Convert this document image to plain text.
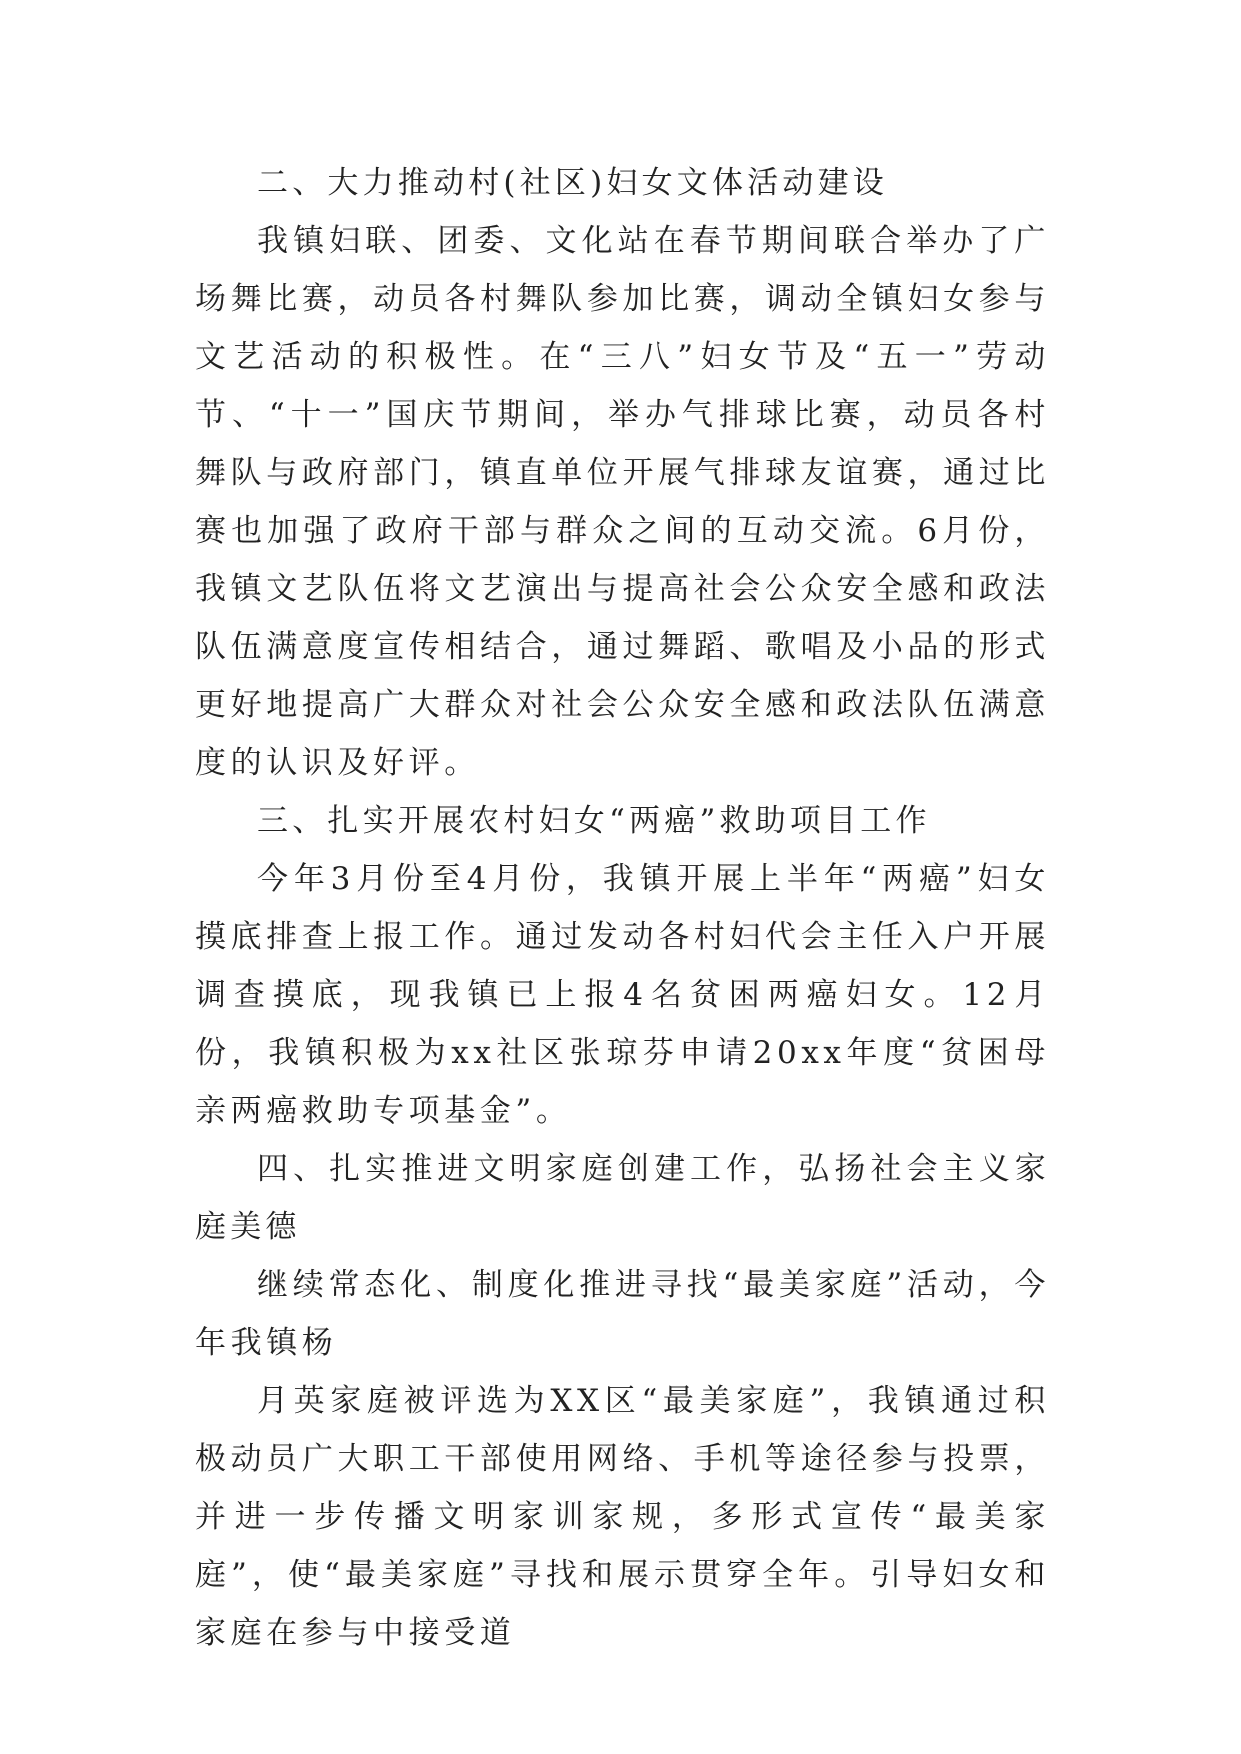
二、大力推动村(社区)妇女文体活动建设

我镇妇联、团委、文化站在春节期间联合举办了广场舞比赛，动员各村舞队参加比赛，调动全镇妇女参与文艺活动的积极性。在“三八”妇女节及“五一”劳动节、“十一”国庆节期间，举办气排球比赛，动员各村舞队与政府部门，镇直单位开展气排球友谊赛，通过比赛也加强了政府干部与群众之间的互动交流。6月份，我镇文艺队伍将文艺演出与提高社会公众安全感和政法队伍满意度宣传相结合，通过舞蹈、歌唱及小品的形式更好地提高广大群众对社会公众安全感和政法队伍满意度的认识及好评。

三、扎实开展农村妇女“两癌”救助项目工作

今年3月份至4月份，我镇开展上半年“两癌”妇女摸底排查上报工作。通过发动各村妇代会主任入户开展调查摸底，现我镇已上报4名贫困两癌妇女。12月份，我镇积极为xx社区张琼芬申请20xx年度“贫困母亲两癌救助专项基金”。

四、扎实推进文明家庭创建工作，弘扬社会主义家庭美德

继续常态化、制度化推进寻找“最美家庭”活动，今年我镇杨

月英家庭被评选为XX区“最美家庭”，我镇通过积极动员广大职工干部使用网络、手机等途径参与投票，并进一步传播文明家训家规，多形式宣传“最美家庭”，使“最美家庭”寻找和展示贯穿全年。引导妇女和家庭在参与中接受道
